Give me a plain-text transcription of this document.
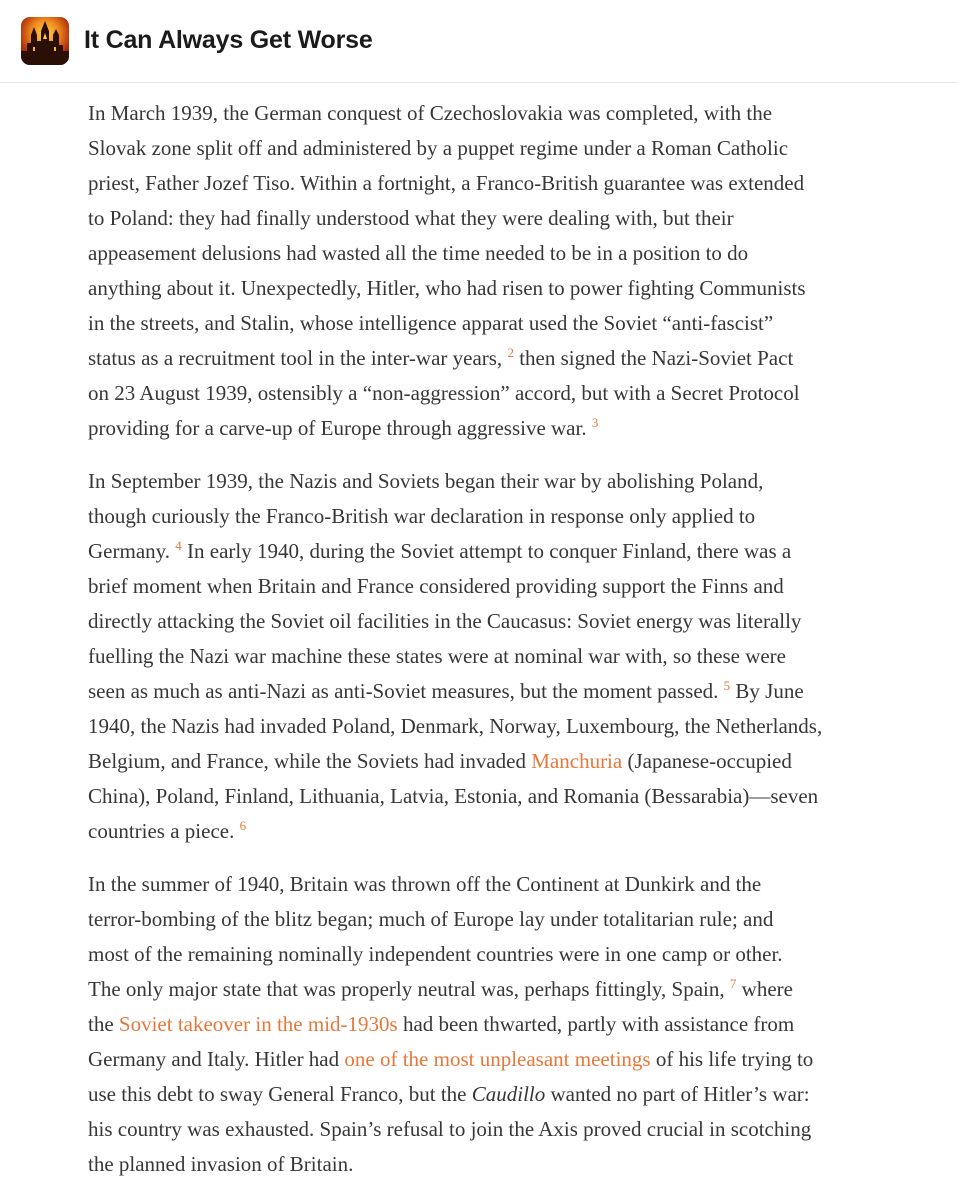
It Can Always Get Worse
In March 1939, the German conquest of Czechoslovakia was completed, with the
Slovak zone split off and administered by a puppet regime under a Roman Catholic
priest, Father Jozef Tiso. Within a fortnight, a Franco-British guarantee was extended
to Poland: they had finally understood what they were dealing with, but their
appeasement delusions had wasted all the time needed to be in a position to do
anything about it. Unexpectedly, Hitler, who had risen to power fighting Communists
in the streets, and Stalin, whose intelligence apparat used the Soviet “anti-fascist”
status as a recruitment tool in the inter-war years, $^2$ then signed the Nazi-Soviet Pact
on 23 August 1939, ostensibly a “non-aggression” accord, but with a Secret Protocol
providing for a carve-up of Europe through aggressive war. $^3$
In September 1939, the Nazis and Soviets began their war by abolishing Poland,
though curiously the Franco-British war declaration in response only applied to
Germany. $^4$ In early 1940, during the Soviet attempt to conquer Finland, there was a
brief moment when Britain and France considered providing support the Finns and
directly attacking the Soviet oil facilities in the Caucasus: Soviet energy was literally
fuelling the Nazi war machine these states were at nominal war with, so these were
seen as much as anti-Nazi as anti-Soviet measures, but the moment passed. $^5$ By June
1940, the Nazis had invaded Poland, Denmark, Norway, Luxembourg, the Netherlands,
Belgium, and France, while the Soviets had invaded Manchuria (Japanese-occupied
China), Poland, Finland, Lithuania, Latvia, Estonia, and Romania (Bessarabia)—seven
countries a piece. $^6$
In the summer of 1940, Britain was thrown off the Continent at Dunkirk and the
terror-bombing of the blitz began; much of Europe lay under totalitarian rule; and
most of the remaining nominally independent countries were in one camp or other.
The only major state that was properly neutral was, perhaps fittingly, Spain, $^7$ where
the Soviet takeover in the mid-1930s had been thwarted, partly with assistance from
Germany and Italy. Hitler had one of the most unpleasant meetings of his life trying to
use this debt to sway General Franco, but the Caudillo wanted no part of Hitler’s war:
his country was exhausted. Spain’s refusal to join the Axis proved crucial in scotching
the planned invasion of Britain.
